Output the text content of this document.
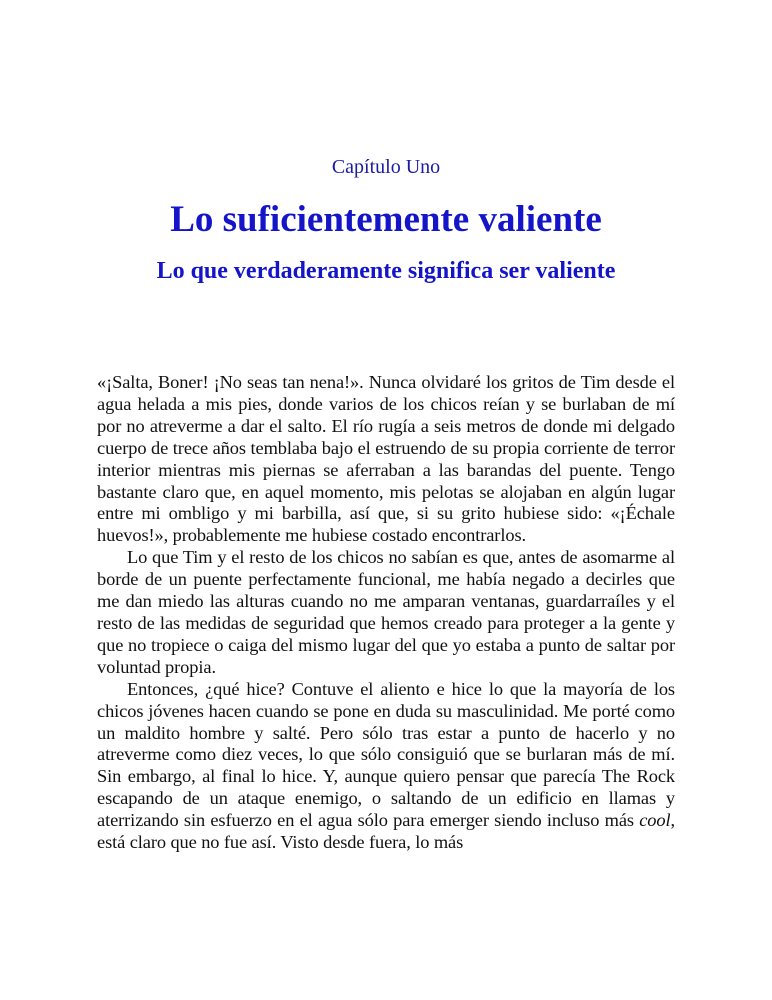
Capítulo Uno
Lo suficientemente valiente
Lo que verdaderamente significa ser valiente

«¡Salta, Boner! ¡No seas tan nena!». Nunca olvidaré los gritos de Tim desde el agua helada a mis pies, donde varios de los chicos reían y se burlaban de mí por no atreverme a dar el salto. El río rugía a seis metros de donde mi delgado cuerpo de trece años temblaba bajo el estruendo de su propia corriente de terror interior mientras mis piernas se aferraban a las barandas del puente. Tengo bastante claro que, en aquel momento, mis pelotas se alojaban en algún lugar entre mi ombligo y mi barbilla, así que, si su grito hubiese sido: «¡Échale huevos!», probablemente me hubiese costado encontrarlos.

Lo que Tim y el resto de los chicos no sabían es que, antes de asomarme al borde de un puente perfectamente funcional, me había negado a decirles que me dan miedo las alturas cuando no me amparan ventanas, guardarraíles y el resto de las medidas de seguridad que hemos creado para proteger a la gente y que no tropiece o caiga del mismo lugar del que yo estaba a punto de saltar por voluntad propia.

Entonces, ¿qué hice? Contuve el aliento e hice lo que la mayoría de los chicos jóvenes hacen cuando se pone en duda su masculinidad. Me porté como un maldito hombre y salté. Pero sólo tras estar a punto de hacerlo y no atreverme como diez veces, lo que sólo consiguió que se burlaran más de mí. Sin embargo, al final lo hice. Y, aunque quiero pensar que parecía The Rock escapando de un ataque enemigo, o saltando de un edificio en llamas y aterrizando sin esfuerzo en el agua sólo para emerger siendo incluso más cool, está claro que no fue así. Visto desde fuera, lo más
